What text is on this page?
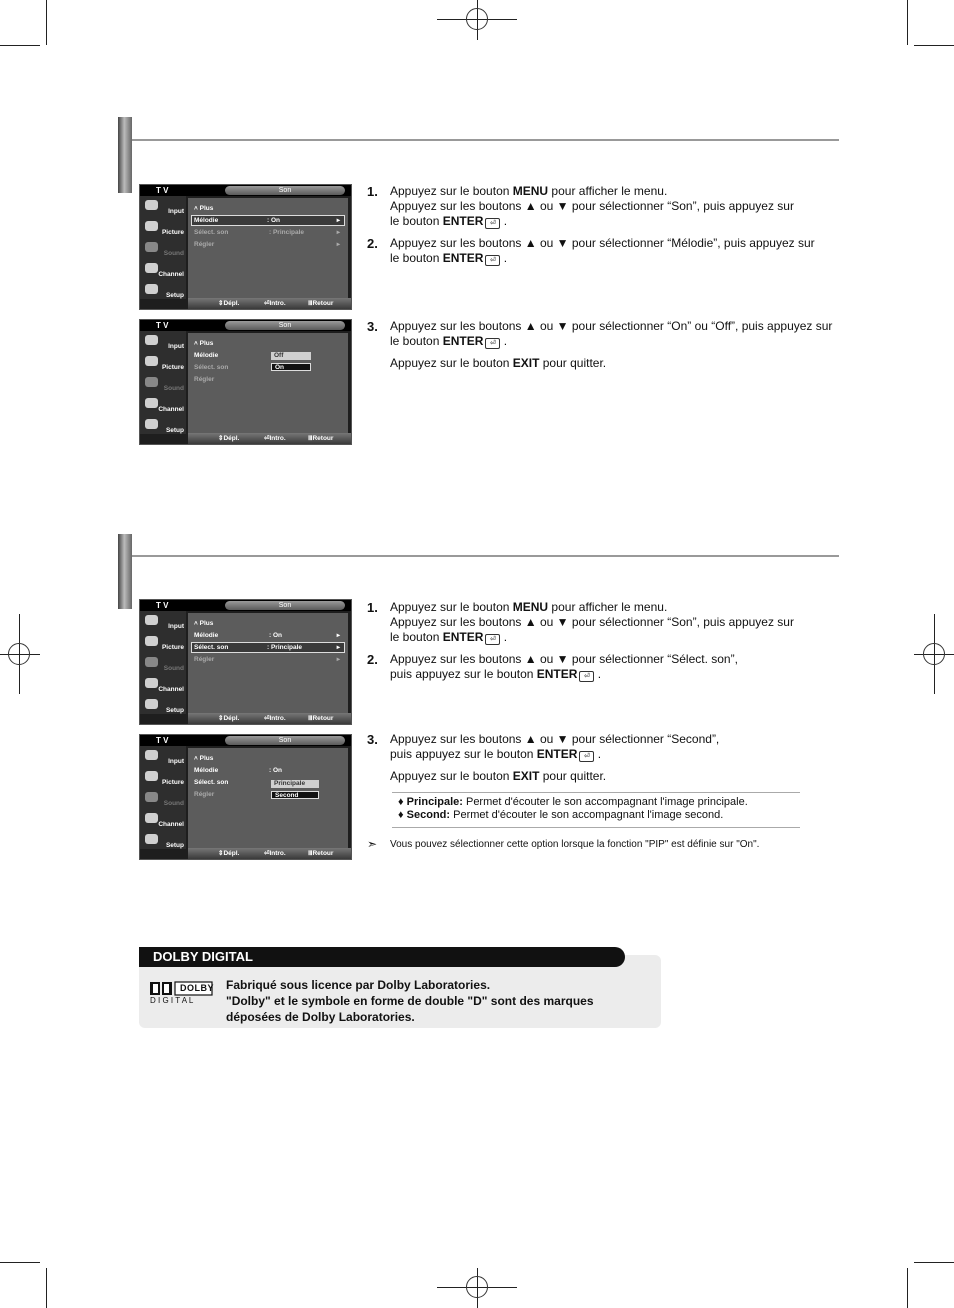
T V	Son
Input
Picture
Sound
Channel
Setup
˄ Plus
Mélodie	: On	▸
Sélect. son	: Principale	▸
Régler	▸
⇕Dépl.	⏎Intro.	ⅢRetour
T V	Son
Input
Picture
Sound
Channel
Setup
˄ Plus
Mélodie
Sélect. son
Régler
Off
On
⇕Dépl.	⏎Intro.	ⅢRetour
1. Appuyez sur le bouton MENU pour afficher le menu.
Appuyez sur les boutons ▲ ou ▼ pour sélectionner “Son”, puis appuyez sur
le bouton ENTER ⏎ .
2. Appuyez sur les boutons ▲ ou ▼ pour sélectionner “Mélodie”, puis appuyez sur
le bouton ENTER ⏎ .
3. Appuyez sur les boutons ▲ ou ▼ pour sélectionner “On” ou “Off”, puis appuyez sur
le bouton ENTER ⏎ .
Appuyez sur le bouton EXIT pour quitter.
T V	Son
Input
Picture
Sound
Channel
Setup
˄ Plus
Mélodie	: On	▸
Sélect. son	: Principale	▸
Régler	▸
⇕Dépl.	⏎Intro.	ⅢRetour
T V	Son
Input
Picture
Sound
Channel
Setup
˄ Plus
Mélodie	: On
Sélect. son
Régler
Principale
Second
⇕Dépl.	⏎Intro.	ⅢRetour
1. Appuyez sur le bouton MENU pour afficher le menu.
Appuyez sur les boutons ▲ ou ▼ pour sélectionner “Son”, puis appuyez sur
le bouton ENTER ⏎ .
2. Appuyez sur les boutons ▲ ou ▼ pour sélectionner “Sélect. son”,
puis appuyez sur le bouton ENTER ⏎ .
3. Appuyez sur les boutons ▲ ou ▼ pour sélectionner “Second”,
puis appuyez sur le bouton ENTER ⏎ .
Appuyez sur le bouton EXIT pour quitter.
♦ Principale: Permet d'écouter le son accompagnant l'image principale.
♦ Second: Permet d'écouter le son accompagnant l'image second.
➣ Vous pouvez sélectionner cette option lorsque la fonction "PIP" est définie sur "On".
DOLBY DIGITAL
DOLBY
D I G I T A L
Fabriqué sous licence par Dolby Laboratories.
"Dolby" et le symbole en forme de double "D" sont des marques
déposées de Dolby Laboratories.
